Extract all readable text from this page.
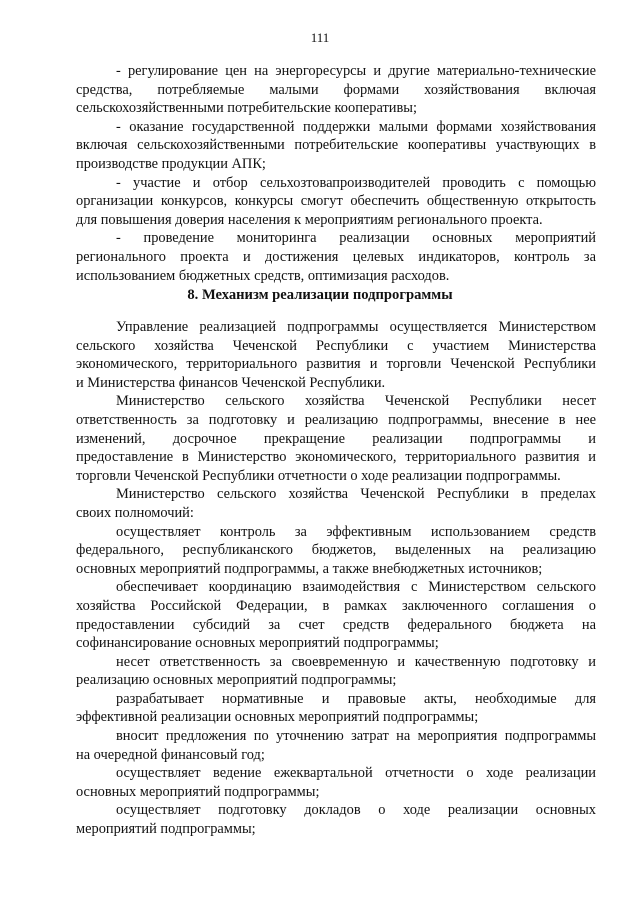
111
- регулирование цен на энергоресурсы и другие материально-технические
средства, потребляемые малыми формами хозяйствования включая
сельскохозяйственными потребительские кооперативы;
- оказание государственной поддержки малыми формами хозяйствования
включая сельскохозяйственными потребительские кооперативы участвующих в
производстве продукции АПК;
- участие и отбор сельхозтовапроизводителей проводить с помощью
организации конкурсов, конкурсы смогут обеспечить общественную открытость
для повышения доверия населения к мероприятиям регионального проекта.
- проведение мониторинга реализации основных мероприятий
регионального проекта и достижения целевых индикаторов, контроль за
использованием бюджетных средств, оптимизация расходов.
8. Механизм реализации подпрограммы
Управление реализацией подпрограммы осуществляется Министерством
сельского хозяйства Чеченской Республики с участием Министерства
экономического, территориального развития и торговли Чеченской Республики
и Министерства финансов Чеченской Республики.
Министерство сельского хозяйства Чеченской Республики несет
ответственность за подготовку и реализацию подпрограммы, внесение в нее
изменений, досрочное прекращение реализации подпрограммы и
предоставление в Министерство экономического, территориального развития и
торговли Чеченской Республики отчетности о ходе реализации подпрограммы.
Министерство сельского хозяйства Чеченской Республики в пределах
своих полномочий:
осуществляет контроль за эффективным использованием средств
федерального, республиканского бюджетов, выделенных на реализацию
основных мероприятий подпрограммы, а также внебюджетных источников;
обеспечивает координацию взаимодействия с Министерством сельского
хозяйства Российской Федерации, в рамках заключенного соглашения о
предоставлении субсидий за счет средств федерального бюджета на
софинансирование основных мероприятий подпрограммы;
несет ответственность за своевременную и качественную подготовку и
реализацию основных мероприятий подпрограммы;
разрабатывает нормативные и правовые акты, необходимые для
эффективной реализации основных мероприятий подпрограммы;
вносит предложения по уточнению затрат на мероприятия подпрограммы
на очередной финансовый год;
осуществляет ведение ежеквартальной отчетности о ходе реализации
основных мероприятий подпрограммы;
осуществляет подготовку докладов о ходе реализации основных
мероприятий подпрограммы;
